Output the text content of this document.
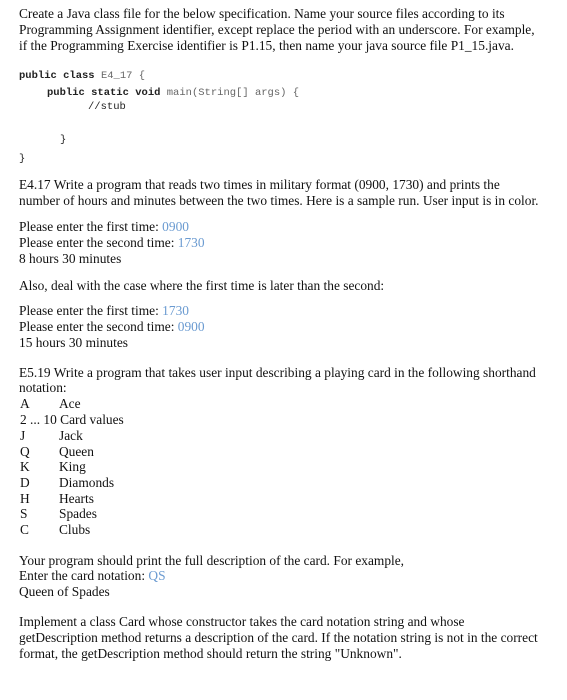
Create a Java class file for the below specification. Name your source files according to its
Programming Assignment identifier, except replace the period with an underscore. For example,
if the Programming Exercise identifier is P1.15, then name your java source file P1_15.java.
public class E4_17 {
public static void main(String[] args) {
//stub
}
}
E4.17 Write a program that reads two times in military format (0900, 1730) and prints the
number of hours and minutes between the two times. Here is a sample run. User input is in color.
Please enter the first time: 0900
Please enter the second time: 1730
8 hours 30 minutes
Also, deal with the case where the first time is later than the second:
Please enter the first time: 1730
Please enter the second time: 0900
15 hours 30 minutes
E5.19 Write a program that takes user input describing a playing card in the following shorthand
notation:
A Ace
2 ... 10 Card values
J	Jack
Q Queen
K King
D Diamonds
H Hearts
S Spades
C Clubs
Your program should print the full description of the card. For example,
Enter the card notation: QS
Queen of Spades
Implement a class Card whose constructor takes the card notation string and whose
getDescription method returns a description of the card. If the notation string is not in the correct
format, the getDescription method should return the string "Unknown".
